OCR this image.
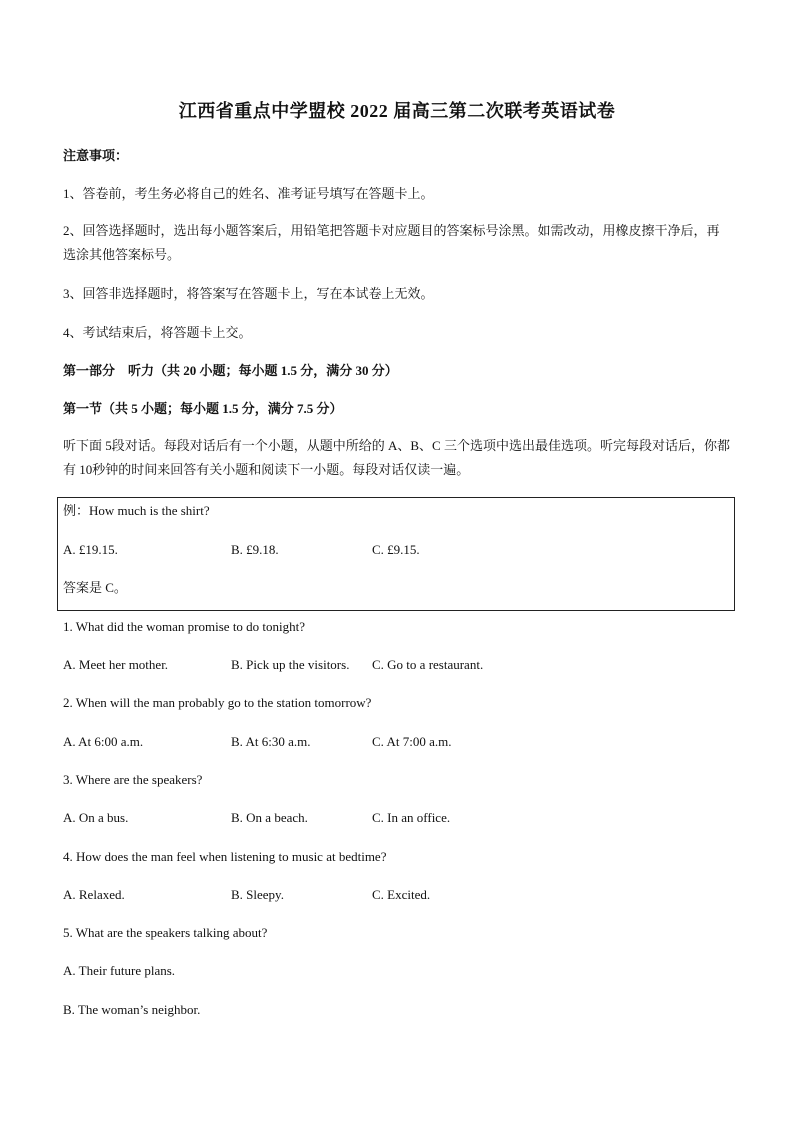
江西省重点中学盟校 2022 届高三第二次联考英语试卷
注意事项：
1、答卷前，考生务必将自己的姓名、准考证号填写在答题卡上。
2、回答选择题时，选出每小题答案后，用铅笔把答题卡对应题目的答案标号涂黑。如需改动，用橡皮擦干净后，再选涂其他答案标号。
3、回答非选择题时，将答案写在答题卡上，写在本试卷上无效。
4、考试结束后，将答题卡上交。
第一部分　听力（共 20 小题；每小题 1.5 分，满分 30 分）
第一节（共 5 小题；每小题 1.5 分，满分 7.5 分）
听下面 5段对话。每段对话后有一个小题，从题中所给的 A、B、C 三个选项中选出最佳选项。听完每段对话后，你都有 10秒钟的时间来回答有关小题和阅读下一小题。每段对话仅读一遍。
例：How much is the shirt?
A. £19.15.	B. £9.18.	C. £9.15.
答案是 C。
1. What did the woman promise to do tonight?
A. Meet her mother.	B. Pick up the visitors. C. Go to a restaurant.
2. When will the man probably go to the station tomorrow?
A. At 6:00 a.m.	B. At 6:30 a.m.	C. At 7:00 a.m.
3. Where are the speakers?
A. On a bus.	B. On a beach.	C. In an office.
4. How does the man feel when listening to music at bedtime?
A. Relaxed.	B. Sleepy.	C. Excited.
5. What are the speakers talking about?
A. Their future plans.
B. The woman’s neighbor.
